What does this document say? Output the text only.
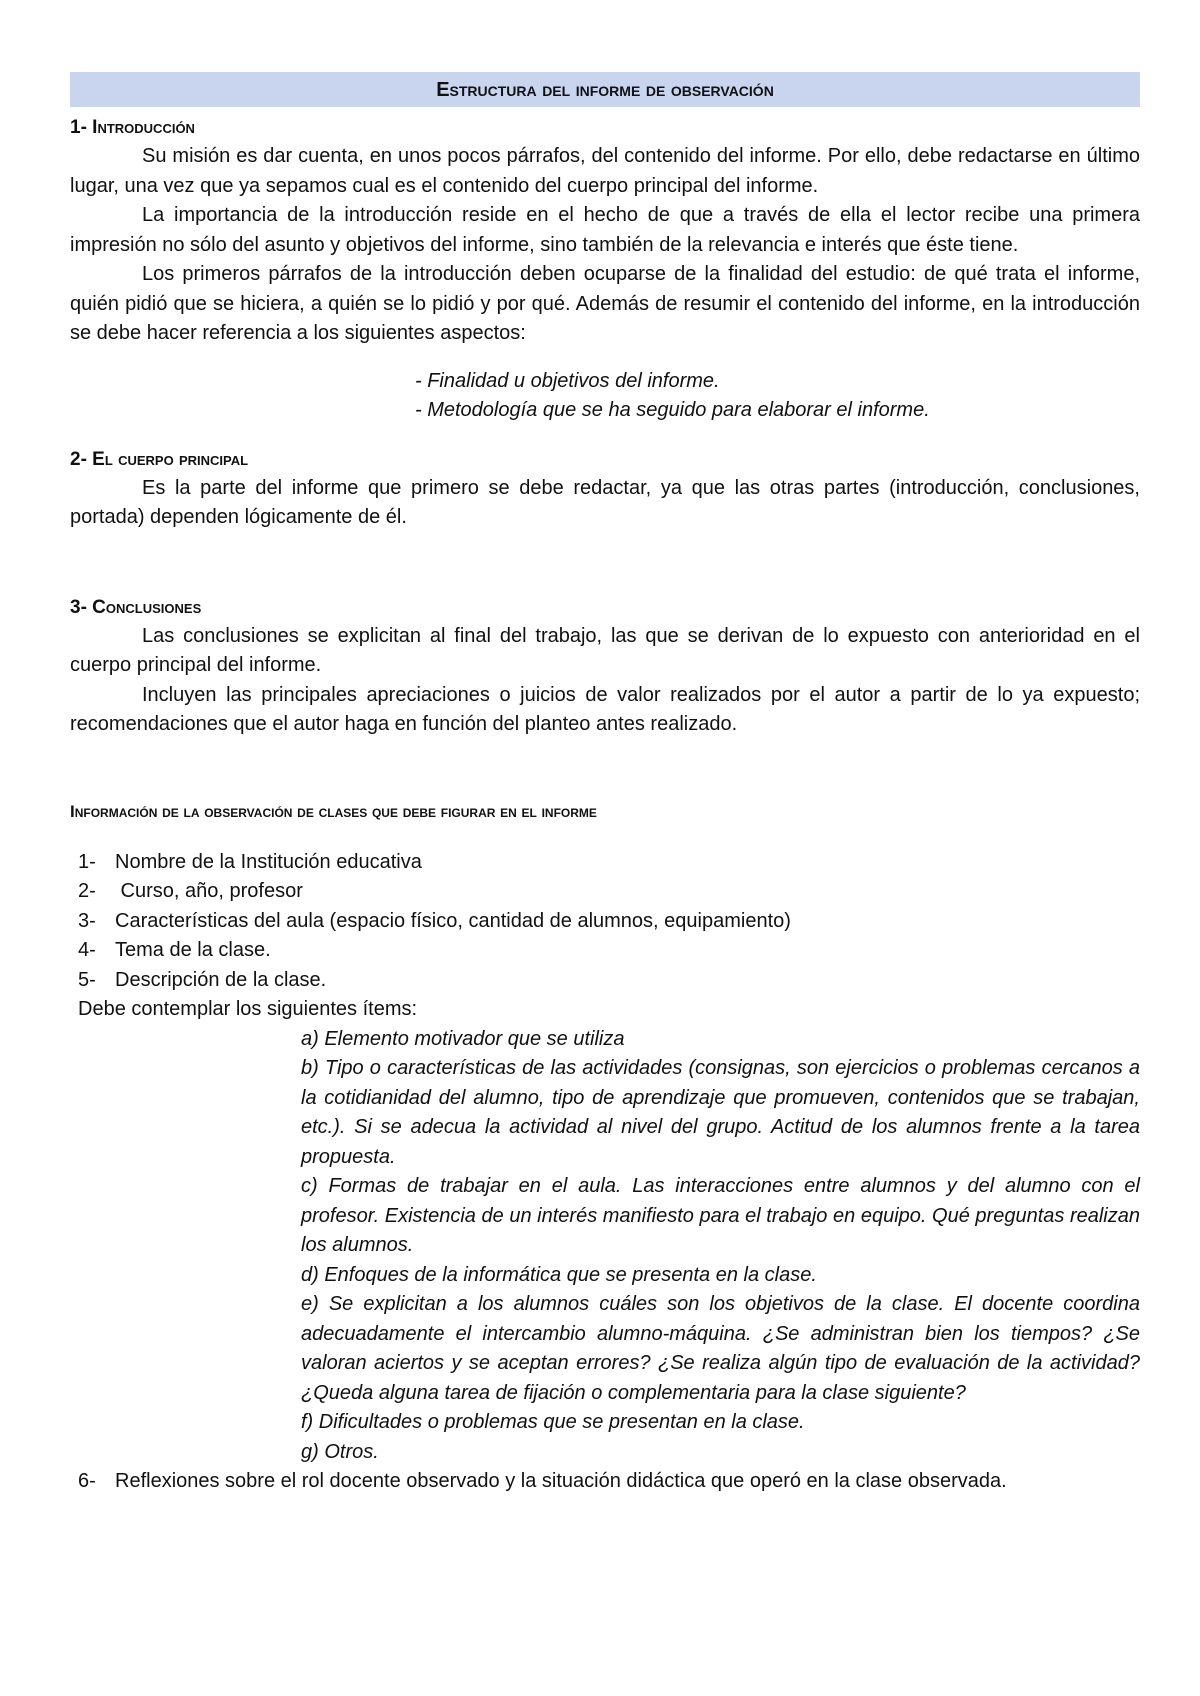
Estructura del informe de observación
1- Introducción

Su misión es dar cuenta, en unos pocos párrafos, del contenido del informe. Por ello, debe redactarse en último lugar, una vez que ya sepamos cual es el contenido del cuerpo principal del informe.

La importancia de la introducción reside en el hecho de que a través de ella el lector recibe una primera impresión no sólo del asunto y objetivos del informe, sino también de la relevancia e interés que éste tiene.

Los primeros párrafos de la introducción deben ocuparse de la finalidad del estudio: de qué trata el informe, quién pidió que se hiciera, a quién se lo pidió y por qué. Además de resumir el contenido del informe, en la introducción se debe hacer referencia a los siguientes aspectos:

- Finalidad u objetivos del informe.
- Metodología que se ha seguido para elaborar el informe.
2- El cuerpo principal

Es la parte del informe que primero se debe redactar, ya que las otras partes (introducción, conclusiones, portada) dependen lógicamente de él.

3- Conclusiones

Las conclusiones se explicitan al final del trabajo, las que se derivan de lo expuesto con anterioridad en el cuerpo principal del informe.

Incluyen las principales apreciaciones o juicios de valor realizados por el autor a partir de lo ya expuesto; recomendaciones que el autor haga en función del planteo antes realizado.

Información de la observación de clases que debe figurar en el informe
1- Nombre de la Institución educativa
2- Curso, año, profesor
3- Características del aula (espacio físico, cantidad de alumnos, equipamiento)
4- Tema de la clase.
5- Descripción de la clase.
Debe contemplar los siguientes ítems:

a) Elemento motivador que se utiliza

b) Tipo o características de las actividades (consignas, son ejercicios o problemas cercanos a la cotidianidad del alumno, tipo de aprendizaje que promueven, contenidos que se trabajan, etc.). Si se adecua la actividad al nivel del grupo. Actitud de los alumnos frente a la tarea propuesta.

c) Formas de trabajar en el aula. Las interacciones entre alumnos y del alumno con el profesor. Existencia de un interés manifiesto para el trabajo en equipo. Qué preguntas realizan los alumnos.

d) Enfoques de la informática que se presenta en la clase.

e) Se explicitan a los alumnos cuáles son los objetivos de la clase. El docente coordina adecuadamente el intercambio alumno-máquina. ¿Se administran bien los tiempos? ¿Se valoran aciertos y se aceptan errores? ¿Se realiza algún tipo de evaluación de la actividad? ¿Queda alguna tarea de fijación o complementaria para la clase siguiente?

f) Dificultades o problemas que se presentan en la clase.

g) Otros.

6- Reflexiones sobre el rol docente observado y la situación didáctica que operó en la clase observada.
